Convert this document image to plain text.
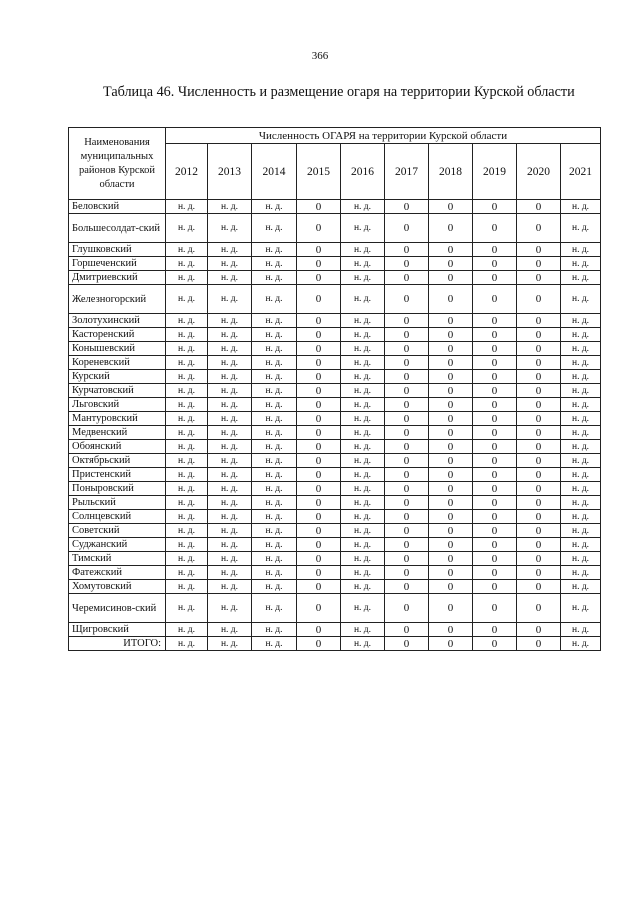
366
Таблица 46. Численность и размещение огаря на территории Курской области
Наименования муниципальных районов Курской области	Численность ОГАРЯ на территории Курской области									
	2012	2013	2014	2015	2016	2017	2018	2019	2020	2021
Беловский	н. д.	н. д.	н. д.	0	н. д.	0	0	0	0	н. д.
Большесолдат-ский	н. д.	н. д.	н. д.	0	н. д.	0	0	0	0	н. д.
Глушковский	н. д.	н. д.	н. д.	0	н. д.	0	0	0	0	н. д.
Горшеченский	н. д.	н. д.	н. д.	0	н. д.	0	0	0	0	н. д.
Дмитриевский	н. д.	н. д.	н. д.	0	н. д.	0	0	0	0	н. д.
Железногорский	н. д.	н. д.	н. д.	0	н. д.	0	0	0	0	н. д.
Золотухинский	н. д.	н. д.	н. д.	0	н. д.	0	0	0	0	н. д.
Касторенский	н. д.	н. д.	н. д.	0	н. д.	0	0	0	0	н. д.
Конышевский	н. д.	н. д.	н. д.	0	н. д.	0	0	0	0	н. д.
Кореневский	н. д.	н. д.	н. д.	0	н. д.	0	0	0	0	н. д.
Курский	н. д.	н. д.	н. д.	0	н. д.	0	0	0	0	н. д.
Курчатовский	н. д.	н. д.	н. д.	0	н. д.	0	0	0	0	н. д.
Льговский	н. д.	н. д.	н. д.	0	н. д.	0	0	0	0	н. д.
Мантуровский	н. д.	н. д.	н. д.	0	н. д.	0	0	0	0	н. д.
Медвенский	н. д.	н. д.	н. д.	0	н. д.	0	0	0	0	н. д.
Обоянский	н. д.	н. д.	н. д.	0	н. д.	0	0	0	0	н. д.
Октябрьский	н. д.	н. д.	н. д.	0	н. д.	0	0	0	0	н. д.
Пристенский	н. д.	н. д.	н. д.	0	н. д.	0	0	0	0	н. д.
Поныровский	н. д.	н. д.	н. д.	0	н. д.	0	0	0	0	н. д.
Рыльский	н. д.	н. д.	н. д.	0	н. д.	0	0	0	0	н. д.
Солнцевский	н. д.	н. д.	н. д.	0	н. д.	0	0	0	0	н. д.
Советский	н. д.	н. д.	н. д.	0	н. д.	0	0	0	0	н. д.
Суджанский	н. д.	н. д.	н. д.	0	н. д.	0	0	0	0	н. д.
Тимский	н. д.	н. д.	н. д.	0	н. д.	0	0	0	0	н. д.
Фатежский	н. д.	н. д.	н. д.	0	н. д.	0	0	0	0	н. д.
Хомутовский	н. д.	н. д.	н. д.	0	н. д.	0	0	0	0	н. д.
Черемисинов-ский	н. д.	н. д.	н. д.	0	н. д.	0	0	0	0	н. д.
Щигровский	н. д.	н. д.	н. д.	0	н. д.	0	0	0	0	н. д.
ИТОГО:	н. д.	н. д.	н. д.	0	н. д.	0	0	0	0	н. д.
